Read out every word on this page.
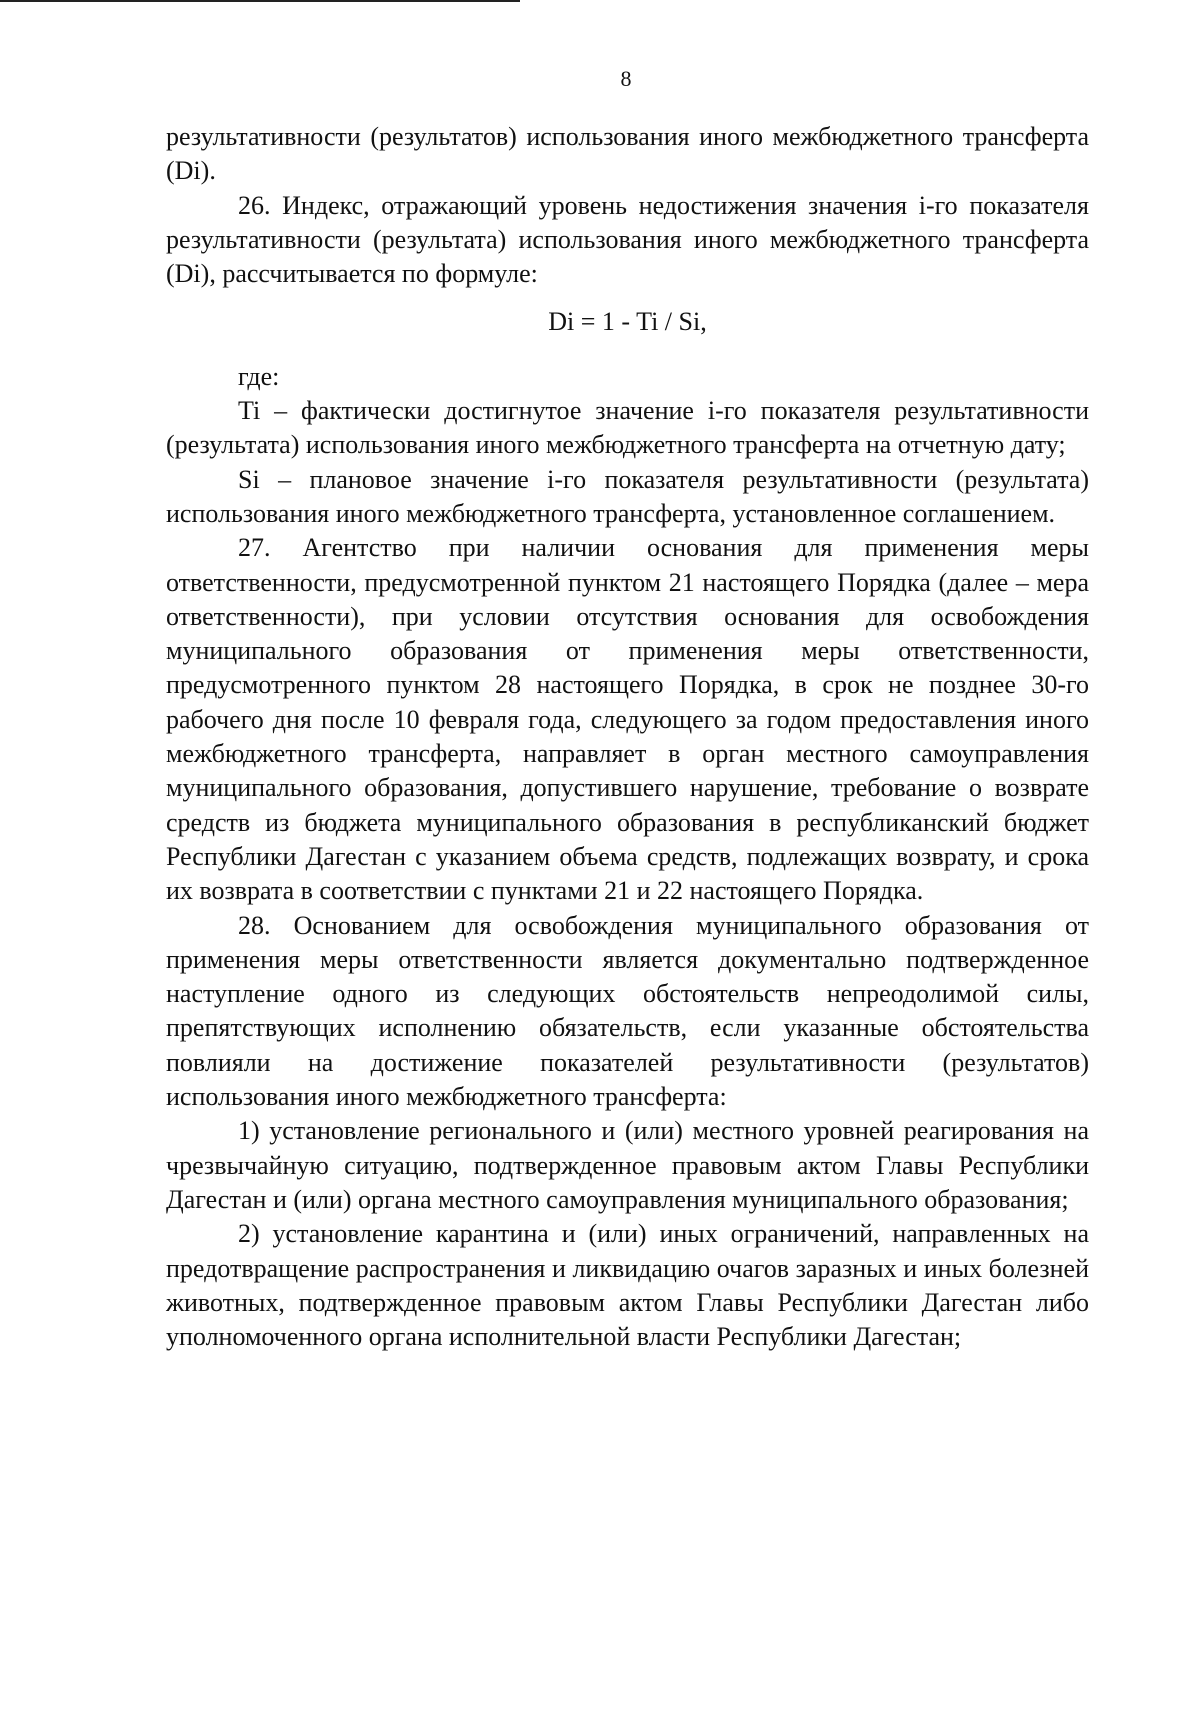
8

результативности (результатов) использования иного межбюджетного трансферта (Di).

26. Индекс, отражающий уровень недостижения значения i-го показателя результативности (результата) использования иного межбюджетного трансферта (Di), рассчитывается по формуле:

Di = 1 - Ti / Si,

где:

Ti – фактически достигнутое значение i-го показателя результативности (результата) использования иного межбюджетного трансферта на отчетную дату;

Si – плановое значение i-го показателя результативности (результата) использования иного межбюджетного трансферта, установленное соглашением.

27. Агентство при наличии основания для применения меры ответственности, предусмотренной пунктом 21 настоящего Порядка (далее – мера ответственности), при условии отсутствия основания для освобождения муниципального образования от применения меры ответственности, предусмотренного пунктом 28 настоящего Порядка, в срок не позднее 30-го рабочего дня после 10 февраля года, следующего за годом предоставления иного межбюджетного трансферта, направляет в орган местного самоуправления муниципального образования, допустившего нарушение, требование о возврате средств из бюджета муниципального образования в республиканский бюджет Республики Дагестан с указанием объема средств, подлежащих возврату, и срока их возврата в соответствии с пунктами 21 и 22 настоящего Порядка.

28. Основанием для освобождения муниципального образования от применения меры ответственности является документально подтвержденное наступление одного из следующих обстоятельств непреодолимой силы, препятствующих исполнению обязательств, если указанные обстоятельства повлияли на достижение показателей результативности (результатов) использования иного межбюджетного трансферта:

1) установление регионального и (или) местного уровней реагирования на чрезвычайную ситуацию, подтвержденное правовым актом Главы Республики Дагестан и (или) органа местного самоуправления муниципального образования;

2) установление карантина и (или) иных ограничений, направленных на предотвращение распространения и ликвидацию очагов заразных и иных болезней животных, подтвержденное правовым актом Главы Республики Дагестан либо уполномоченного органа исполнительной власти Республики Дагестан;
